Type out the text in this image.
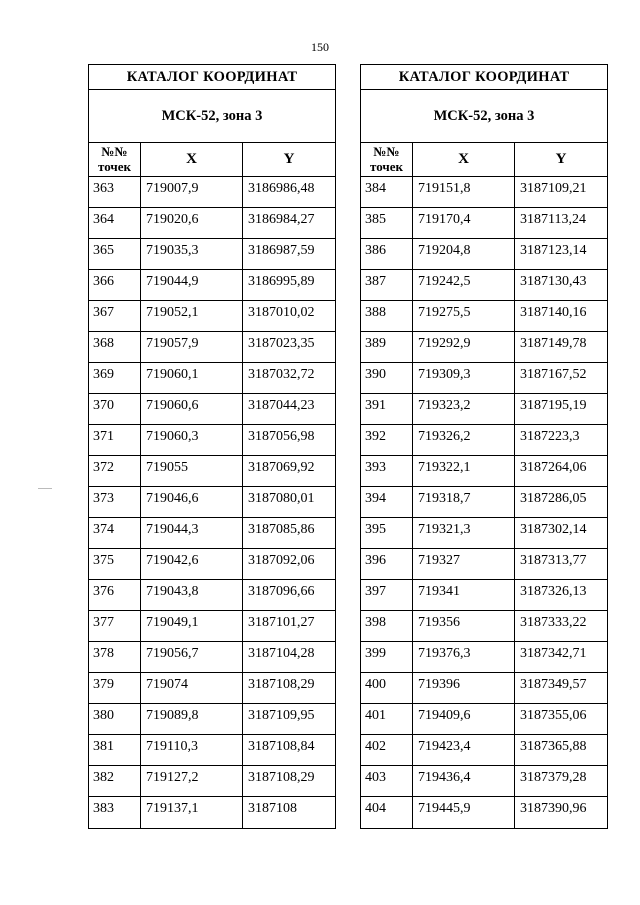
150
КАТАЛОГ КООРДИНАТ
МСК-52, зона 3
№№
точек	X	Y
363	719007,9	3186986,48
364	719020,6	3186984,27
365	719035,3	3186987,59
366	719044,9	3186995,89
367	719052,1	3187010,02
368	719057,9	3187023,35
369	719060,1	3187032,72
370	719060,6	3187044,23
371	719060,3	3187056,98
372	719055	3187069,92
373	719046,6	3187080,01
374	719044,3	3187085,86
375	719042,6	3187092,06
376	719043,8	3187096,66
377	719049,1	3187101,27
378	719056,7	3187104,28
379	719074	3187108,29
380	719089,8	3187109,95
381	719110,3	3187108,84
382	719127,2	3187108,29
383	719137,1	3187108
КАТАЛОГ КООРДИНАТ
МСК-52, зона 3
№№
точек	X	Y
384	719151,8	3187109,21
385	719170,4	3187113,24
386	719204,8	3187123,14
387	719242,5	3187130,43
388	719275,5	3187140,16
389	719292,9	3187149,78
390	719309,3	3187167,52
391	719323,2	3187195,19
392	719326,2	3187223,3
393	719322,1	3187264,06
394	719318,7	3187286,05
395	719321,3	3187302,14
396	719327	3187313,77
397	719341	3187326,13
398	719356	3187333,22
399	719376,3	3187342,71
400	719396	3187349,57
401	719409,6	3187355,06
402	719423,4	3187365,88
403	719436,4	3187379,28
404	719445,9	3187390,96
